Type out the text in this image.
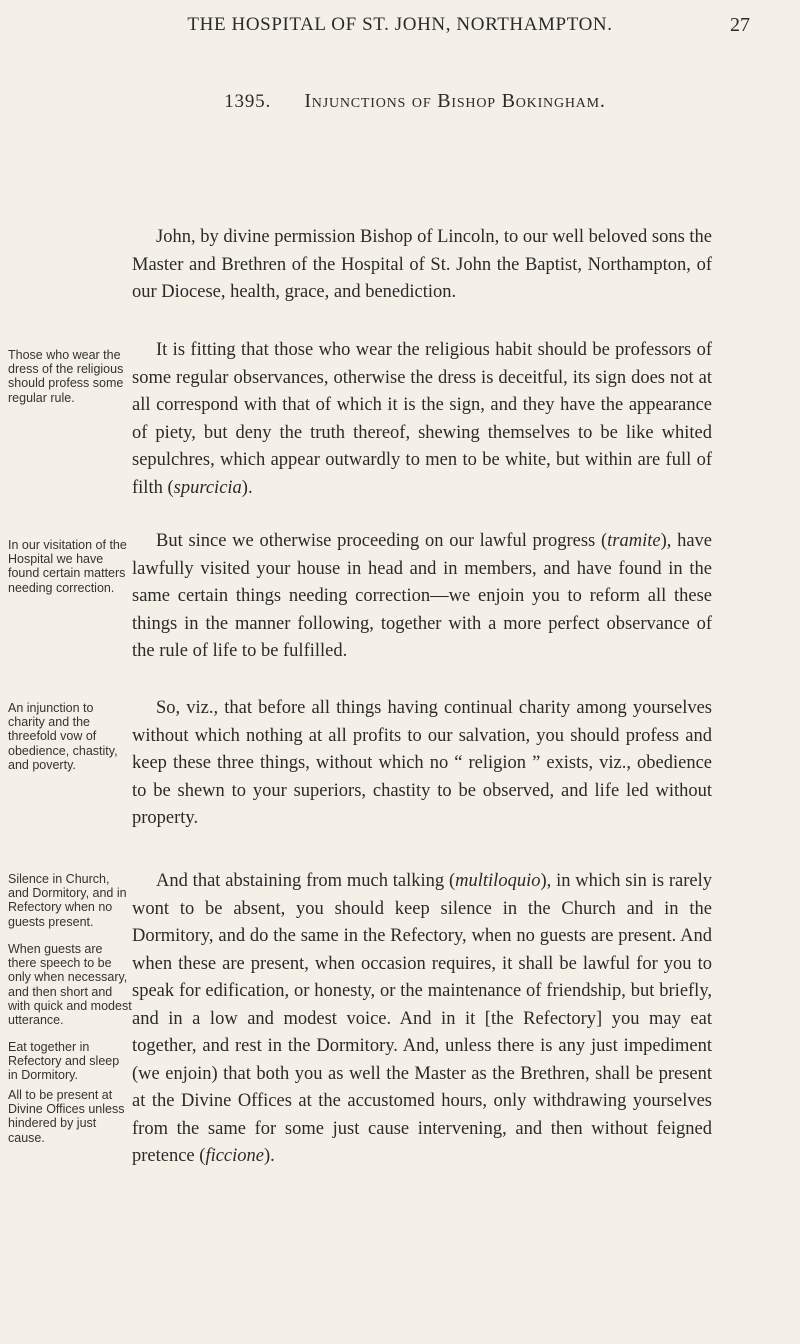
THE HOSPITAL OF ST. JOHN, NORTHAMPTON.	27
1395. Injunctions of Bishop Bokingham.

John, by divine permission Bishop of Lincoln, to our well beloved sons the Master and Brethren of the Hospital of St. John the Baptist, Northampton, of our Diocese, health, grace, and benediction.

It is fitting that those who wear the religious habit should be professors of some regular observances, otherwise the dress is deceitful, its sign does not at all correspond with that of which it is the sign, and they have the appearance of piety, but deny the truth thereof, shewing themselves to be like whited sepulchres, which appear outwardly to men to be white, but within are full of filth (spurcicia).

But since we otherwise proceeding on our lawful progress (tramite), have lawfully visited your house in head and in members, and have found in the same certain things needing correction—we enjoin you to reform all these things in the manner following, together with a more perfect observance of the rule of life to be fulfilled.

So, viz., that before all things having continual charity among yourselves without which nothing at all profits to our salvation, you should profess and keep these three things, without which no “ religion ” exists, viz., obedience to be shewn to your superiors, chastity to be observed, and life led without property.

And that abstaining from much talking (multiloquio), in which sin is rarely wont to be absent, you should keep silence in the Church and in the Dormitory, and do the same in the Refectory, when no guests are present. And when these are present, when occasion requires, it shall be lawful for you to speak for edification, or honesty, or the maintenance of friendship, but briefly, and in a low and modest voice. And in it [the Refectory] you may eat together, and rest in the Dormitory. And, unless there is any just impediment (we enjoin) that both you as well the Master as the Brethren, shall be present at the Divine Offices at the accustomed hours, only withdrawing yourselves from the same for some just cause intervening, and then without feigned pretence (ficcione).

Those who wear the dress of the religious should profess some regular rule.
In our visitation of the Hospital we have found certain matters needing correction.
An injunction to charity and the threefold vow of obedience, chastity, and poverty.
Silence in Church, and Dormitory, and in Refectory when no guests present.
When guests are there speech to be only when necessary, and then short and with quick and modest utterance.
Eat together in Refectory and sleep in Dormitory.
All to be present at Divine Offices unless hindered by just cause.
